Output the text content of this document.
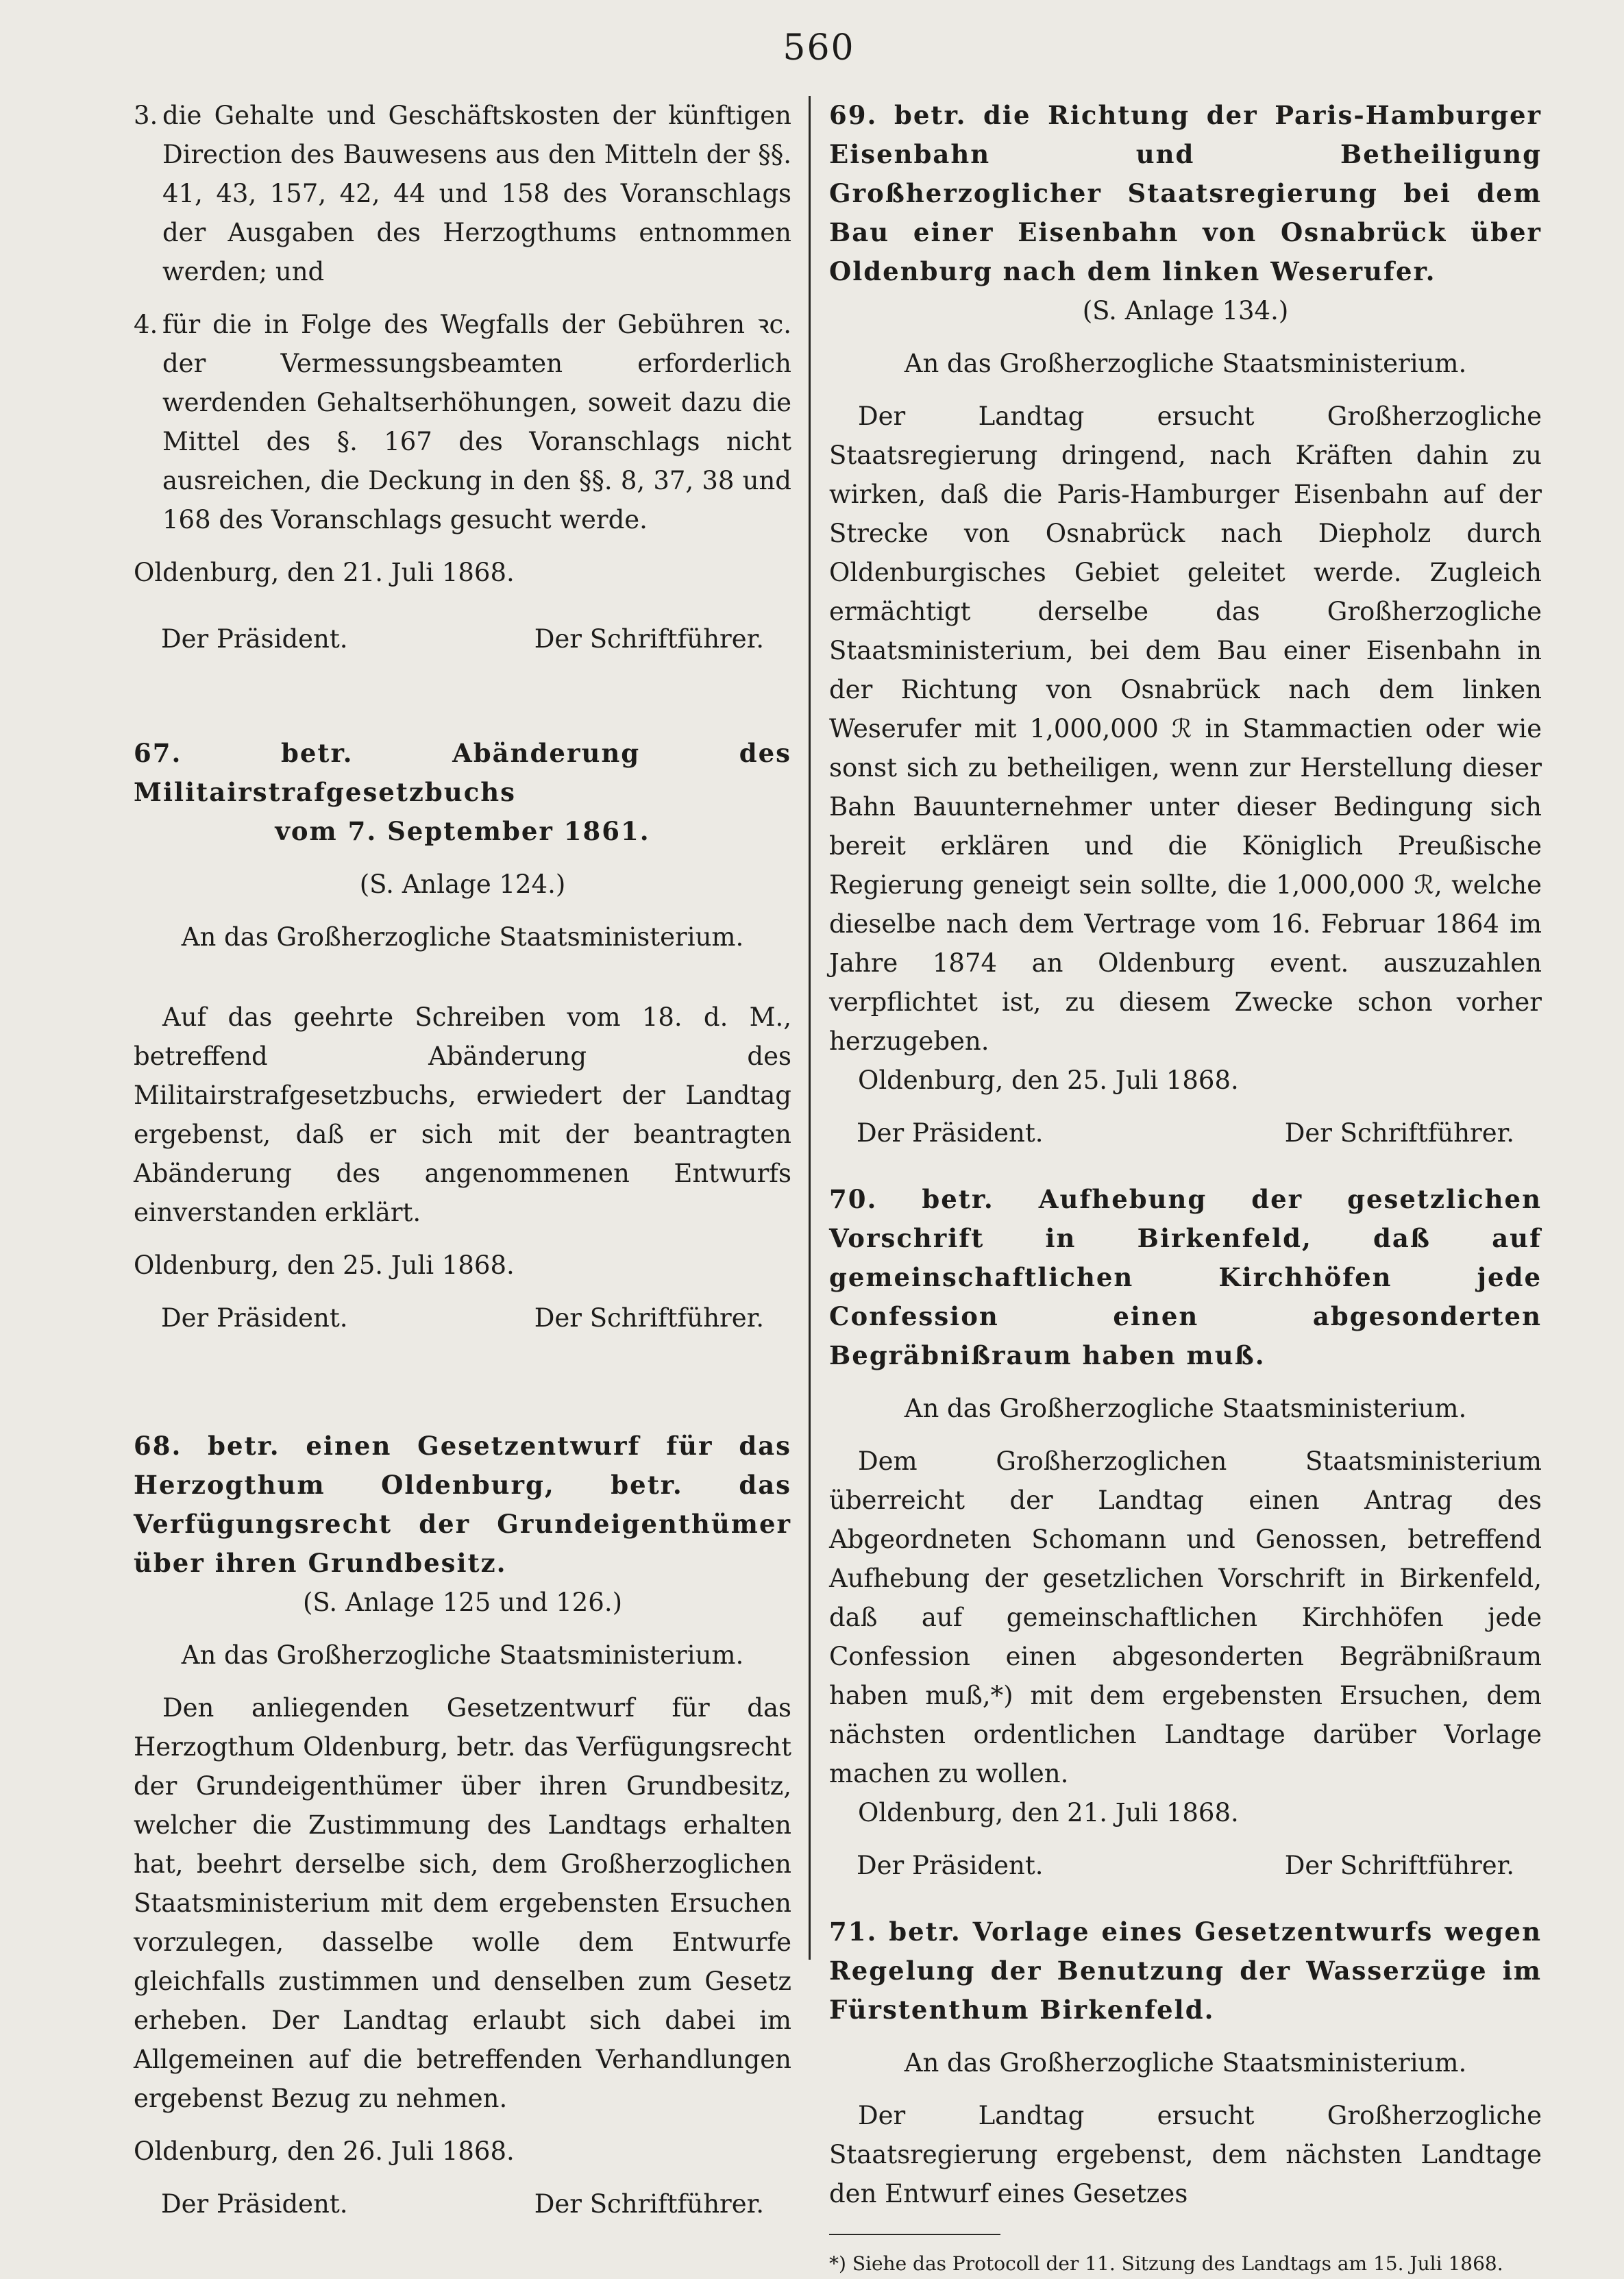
560
3. die Gehalte und Geschäftskosten der künftigen Direction des Bauwesens aus den Mitteln der §§. 41, 43, 157, 42, 44 und 158 des Voranschlags der Ausgaben des Herzogthums entnommen werden; und
4. für die in Folge des Wegfalls der Gebühren ꝛc. der Vermessungsbeamten erforderlich werdenden Gehaltserhöhungen, soweit dazu die Mittel des §. 167 des Voranschlags nicht ausreichen, die Deckung in den §§. 8, 37, 38 und 168 des Voranschlags gesucht werde.
Oldenburg, den 21. Juli 1868.
Der Präsident.	Der Schriftführer.
67. betr. Abänderung des Militairstrafgesetzbuchs
vom 7. September 1861.
(S. Anlage 124.)
An das Großherzogliche Staatsministerium.
Auf das geehrte Schreiben vom 18. d. M., betreffend Abänderung des Militairstrafgesetzbuchs, erwiedert der Landtag ergebenst, daß er sich mit der beantragten Abänderung des angenommenen Entwurfs einverstanden erklärt.
Oldenburg, den 25. Juli 1868.
Der Präsident.	Der Schriftführer.
68. betr. einen Gesetzentwurf für das Herzogthum Oldenburg, betr. das Verfügungsrecht der Grundeigenthümer über ihren Grundbesitz.
(S. Anlage 125 und 126.)
An das Großherzogliche Staatsministerium.
Den anliegenden Gesetzentwurf für das Herzogthum Oldenburg, betr. das Verfügungsrecht der Grundeigenthümer über ihren Grundbesitz, welcher die Zustimmung des Landtags erhalten hat, beehrt derselbe sich, dem Großherzoglichen Staatsministerium mit dem ergebensten Ersuchen vorzulegen, dasselbe wolle dem Entwurfe gleichfalls zustimmen und denselben zum Gesetz erheben. Der Landtag erlaubt sich dabei im Allgemeinen auf die betreffenden Verhandlungen ergebenst Bezug zu nehmen.
Oldenburg, den 26. Juli 1868.
Der Präsident.	Der Schriftführer.
69. betr. die Richtung der Paris-Hamburger Eisenbahn und Betheiligung Großherzoglicher Staatsregierung bei dem Bau einer Eisenbahn von Osnabrück über Oldenburg nach dem linken Weserufer.
(S. Anlage 134.)
An das Großherzogliche Staatsministerium.
Der Landtag ersucht Großherzogliche Staatsregierung dringend, nach Kräften dahin zu wirken, daß die Paris-Hamburger Eisenbahn auf der Strecke von Osnabrück nach Diepholz durch Oldenburgisches Gebiet geleitet werde. Zugleich ermächtigt derselbe das Großherzogliche Staatsministerium, bei dem Bau einer Eisenbahn in der Richtung von Osnabrück nach dem linken Weserufer mit 1,000,000 ℛ︁ in Stammactien oder wie sonst sich zu betheiligen, wenn zur Herstellung dieser Bahn Bauunternehmer unter dieser Bedingung sich bereit erklären und die Königlich Preußische Regierung geneigt sein sollte, die 1,000,000 ℛ︁, welche dieselbe nach dem Vertrage vom 16. Februar 1864 im Jahre 1874 an Oldenburg event. auszuzahlen verpflichtet ist, zu diesem Zwecke schon vorher herzugeben.
Oldenburg, den 25. Juli 1868.
Der Präsident.	Der Schriftführer.
70. betr. Aufhebung der gesetzlichen Vorschrift in Birkenfeld, daß auf gemeinschaftlichen Kirchhöfen jede Confession einen abgesonderten Begräbnißraum haben muß.
An das Großherzogliche Staatsministerium.
Dem Großherzoglichen Staatsministerium überreicht der Landtag einen Antrag des Abgeordneten Schomann und Genossen, betreffend Aufhebung der gesetzlichen Vorschrift in Birkenfeld, daß auf gemeinschaftlichen Kirchhöfen jede Confession einen abgesonderten Begräbnißraum haben muß,*) mit dem ergebensten Ersuchen, dem nächsten ordentlichen Landtage darüber Vorlage machen zu wollen.
Oldenburg, den 21. Juli 1868.
Der Präsident.	Der Schriftführer.
71. betr. Vorlage eines Gesetzentwurfs wegen Regelung der Benutzung der Wasserzüge im Fürstenthum Birkenfeld.
An das Großherzogliche Staatsministerium.
Der Landtag ersucht Großherzogliche Staatsregierung ergebenst, dem nächsten Landtage den Entwurf eines Gesetzes
*) Siehe das Protocoll der 11. Sitzung des Landtags am 15. Juli 1868.
